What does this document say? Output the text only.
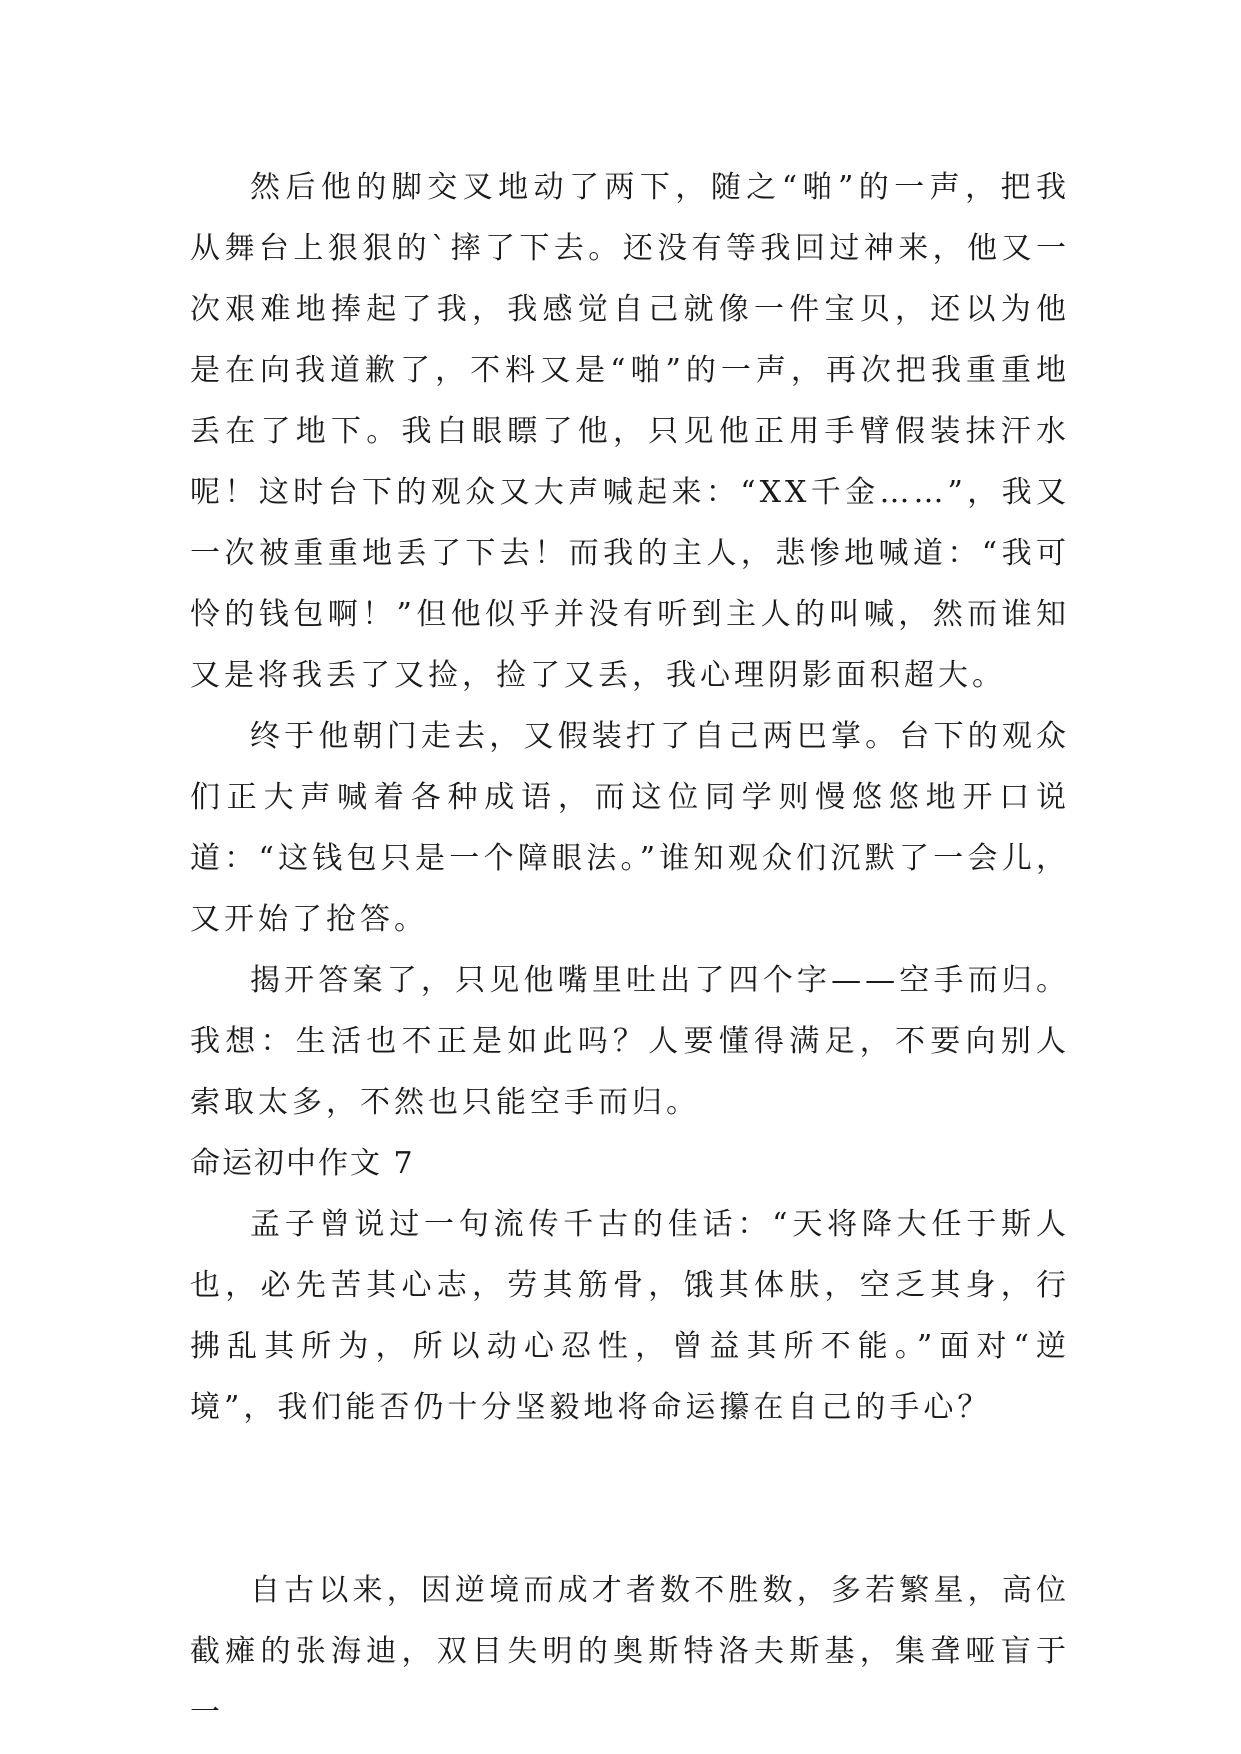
然后他的脚交叉地动了两下，随之“啪”的一声，把我从舞台上狠狠的`摔了下去。还没有等我回过神来，他又一次艰难地捧起了我，我感觉自己就像一件宝贝，还以为他是在向我道歉了，不料又是“啪”的一声，再次把我重重地丢在了地下。我白眼瞟了他，只见他正用手臂假装抹汗水呢！这时台下的观众又大声喊起来：“XX千金……”，我又一次被重重地丢了下去！而我的主人，悲惨地喊道：“我可怜的钱包啊！”但他似乎并没有听到主人的叫喊，然而谁知又是将我丢了又捡，捡了又丢，我心理阴影面积超大。

终于他朝门走去，又假装打了自己两巴掌。台下的观众们正大声喊着各种成语，而这位同学则慢悠悠地开口说道：“这钱包只是一个障眼法。”谁知观众们沉默了一会儿，又开始了抢答。

揭开答案了，只见他嘴里吐出了四个字——空手而归。我想：生活也不正是如此吗？人要懂得满足，不要向别人索取太多，不然也只能空手而归。

命运初中作文 7

孟子曾说过一句流传千古的佳话：“天将降大任于斯人也，必先苦其心志，劳其筋骨，饿其体肤，空乏其身，行拂乱其所为，所以动心忍性，曾益其所不能。”面对“逆境”，我们能否仍十分坚毅地将命运攥在自己的手心？

自古以来，因逆境而成才者数不胜数，多若繁星，高位截瘫的张海迪，双目失明的奥斯特洛夫斯基，集聋哑盲于一
